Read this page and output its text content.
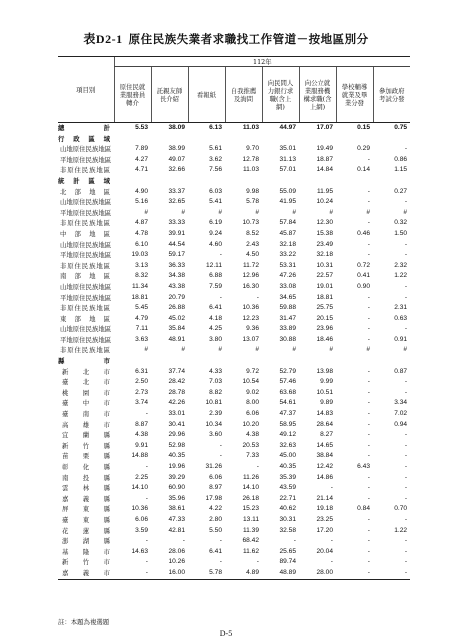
表D2-1 原住民族失業者求職找工作管道－按地區別分
項目別	112年							
	原住民就業服務員轉介	託親友師長介紹	看報紙	自我推薦及詢問	向民間人力銀行求職(含上網)	向公立就業服務機構求職(含上網)	學校輔導就業及畢業分發	參加政府考試分發
總　計	5.53	38.09	6.13	11.03	44.97	17.07	0.15	0.75
行 政 區 域								
山地原住民族地區	7.89	38.99	5.61	9.70	35.01	19.49	0.29	-
平地原住民族地區	4.27	49.07	3.62	12.78	31.13	18.87	-	0.86
非原住民族地區	4.71	32.66	7.56	11.03	57.01	14.84	0.14	1.15
統 計 區 域								
北部地區	4.90	33.37	6.03	9.98	55.09	11.95	-	0.27
山地原住民族地區	5.16	32.65	5.41	5.78	41.95	10.24	-	-
平地原住民族地區	#	#	#	#	#	#	#	#
非原住民族地區	4.87	33.33	6.19	10.73	57.84	12.30	-	0.32
中部地區	4.78	39.91	9.24	8.52	45.87	15.38	0.46	1.50
山地原住民族地區	6.10	44.54	4.60	2.43	32.18	23.49	-	-
平地原住民族地區	19.03	59.17	-	4.50	33.22	32.18	-	-
非原住民族地區	3.13	36.33	12.11	11.72	53.31	10.31	0.72	2.32
南部地區	8.32	34.38	6.88	12.96	47.26	22.57	0.41	1.22
山地原住民族地區	11.34	43.38	7.59	16.30	33.08	19.01	0.90	-
平地原住民族地區	18.81	20.79	-	-	34.65	18.81	-	-
非原住民族地區	5.45	26.88	6.41	10.36	59.88	25.75	-	2.31
東部地區	4.79	45.02	4.18	12.23	31.47	20.15	-	0.63
山地原住民族地區	7.11	35.84	4.25	9.36	33.89	23.96	-	-
平地原住民族地區	3.63	48.91	3.80	13.07	30.88	18.46	-	0.91
非原住民族地區	#	#	#	#	#	#	#	#
縣 市								
新北市	6.31	37.74	4.33	9.72	52.79	13.98	-	0.87
臺北市	2.50	28.42	7.03	10.54	57.46	9.99	-	-
桃園市	2.73	28.78	8.82	9.02	63.68	10.51	-	-
臺中市	3.74	42.26	10.81	8.00	54.61	9.89	-	3.34
臺南市	-	33.01	2.39	6.06	47.37	14.83	-	7.02
高雄市	8.87	30.41	10.34	10.20	58.95	28.64	-	0.94
宜蘭縣	4.38	29.96	3.60	4.38	49.12	8.27	-	-
新竹縣	9.91	52.98	-	20.53	32.63	14.65	-	-
苗栗縣	14.88	40.35	-	7.33	45.00	38.84	-	-
彰化縣	-	19.96	31.26	-	40.35	12.42	6.43	-
南投縣	2.25	39.29	6.06	11.26	35.39	14.86	-	-
雲林縣	14.10	60.90	8.97	14.10	43.59	-	-	-
嘉義縣	-	35.96	17.98	26.18	22.71	21.14	-	-
屏東縣	10.36	38.61	4.22	15.23	40.62	19.18	0.84	0.70
臺東縣	6.06	47.33	2.80	13.11	30.31	23.25	-	-
花蓮縣	3.59	42.81	5.50	11.39	32.58	17.20	-	1.22
澎湖縣	-	-	-	68.42	-	-	-	-
基隆市	14.63	28.06	6.41	11.62	25.65	20.04	-	-
新竹市	-	10.26	-	-	89.74	-	-	-
嘉義市	-	16.00	5.78	4.89	48.89	28.00	-	-
註：本題為複選題
D-5
